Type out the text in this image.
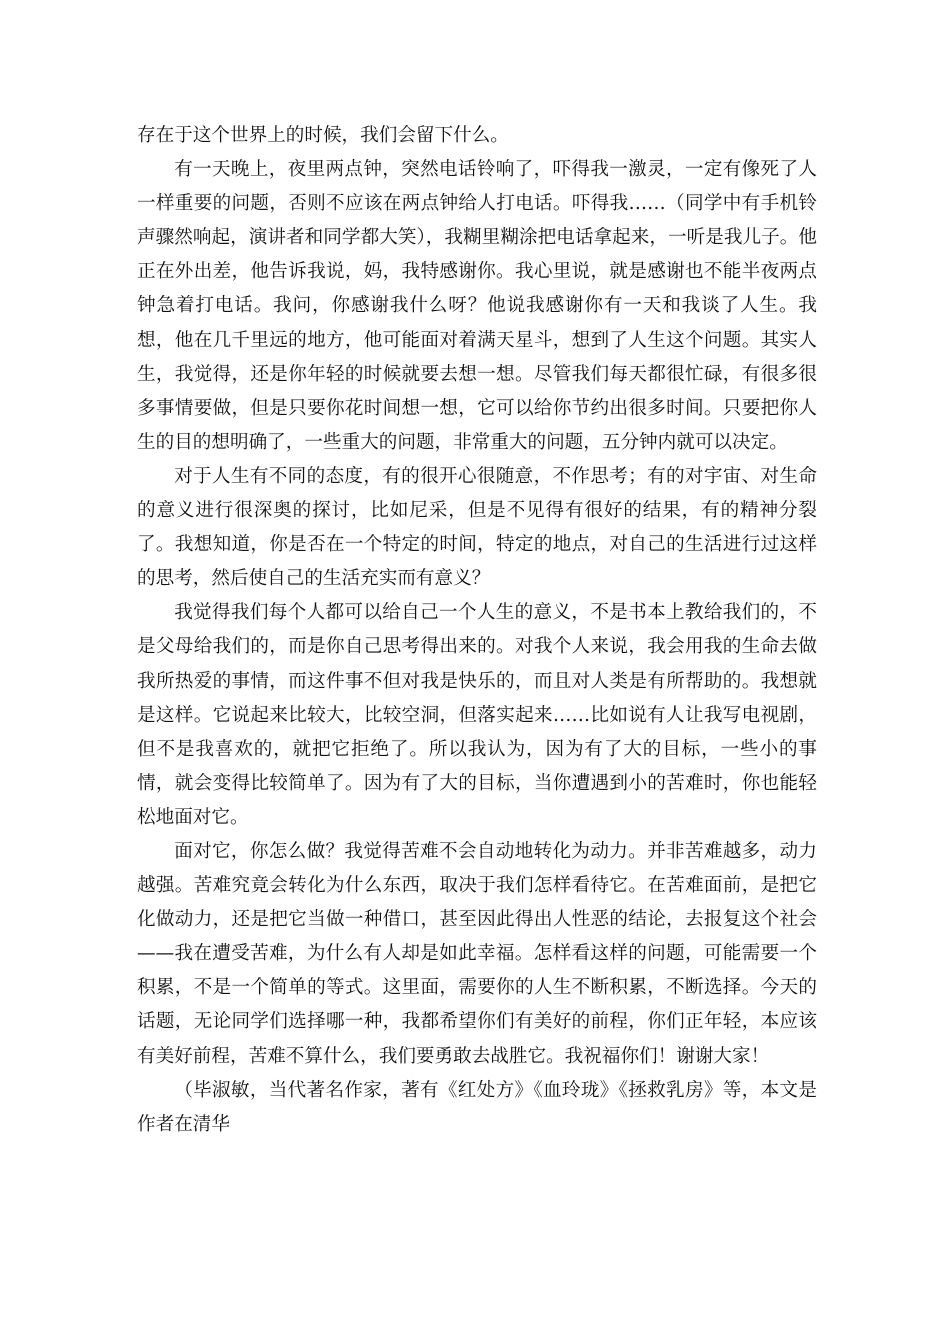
存在于这个世界上的时候，我们会留下什么。

有一天晚上，夜里两点钟，突然电话铃响了，吓得我一激灵，一定有像死了人一样重要的问题，否则不应该在两点钟给人打电话。吓得我……（同学中有手机铃声骤然响起，演讲者和同学都大笑），我糊里糊涂把电话拿起来，一听是我儿子。他正在外出差，他告诉我说，妈，我特感谢你。我心里说，就是感谢也不能半夜两点钟急着打电话。我问，你感谢我什么呀？他说我感谢你有一天和我谈了人生。我想，他在几千里远的地方，他可能面对着满天星斗，想到了人生这个问题。其实人生，我觉得，还是你年轻的时候就要去想一想。尽管我们每天都很忙碌，有很多很多事情要做，但是只要你花时间想一想，它可以给你节约出很多时间。只要把你人生的目的想明确了，一些重大的问题，非常重大的问题，五分钟内就可以决定。

对于人生有不同的态度，有的很开心很随意，不作思考；有的对宇宙、对生命的意义进行很深奥的探讨，比如尼采，但是不见得有很好的结果，有的精神分裂了。我想知道，你是否在一个特定的时间，特定的地点，对自己的生活进行过这样的思考，然后使自己的生活充实而有意义？

我觉得我们每个人都可以给自己一个人生的意义，不是书本上教给我们的，不是父母给我们的，而是你自己思考得出来的。对我个人来说，我会用我的生命去做我所热爱的事情，而这件事不但对我是快乐的，而且对人类是有所帮助的。我想就是这样。它说起来比较大，比较空洞，但落实起来……比如说有人让我写电视剧，但不是我喜欢的，就把它拒绝了。所以我认为，因为有了大的目标，一些小的事情，就会变得比较简单了。因为有了大的目标，当你遭遇到小的苦难时，你也能轻松地面对它。

面对它，你怎么做？我觉得苦难不会自动地转化为动力。并非苦难越多，动力越强。苦难究竟会转化为什么东西，取决于我们怎样看待它。在苦难面前，是把它化做动力，还是把它当做一种借口，甚至因此得出人性恶的结论，去报复这个社会——我在遭受苦难，为什么有人却是如此幸福。怎样看这样的问题，可能需要一个积累，不是一个简单的等式。这里面，需要你的人生不断积累，不断选择。今天的话题，无论同学们选择哪一种，我都希望你们有美好的前程，你们正年轻，本应该有美好前程，苦难不算什么，我们要勇敢去战胜它。我祝福你们！谢谢大家！

（毕淑敏，当代著名作家，著有《红处方》《血玲珑》《拯救乳房》等，本文是作者在清华
